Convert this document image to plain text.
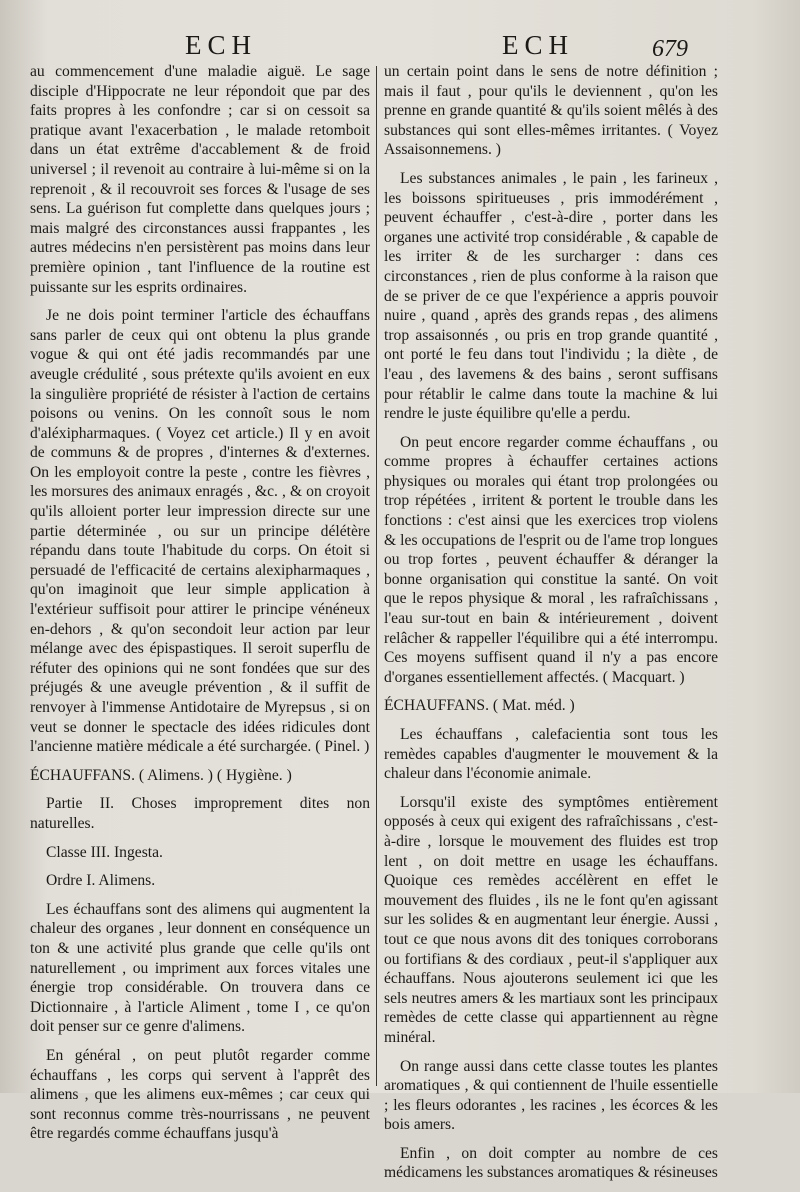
ECH	ECH	679

au commencement d'une maladie aiguë. Le sage disciple d'Hippocrate ne leur répondoit que par des faits propres à les confondre ; car si on cessoit sa pratique avant l'exacerbation , le malade retomboit dans un état extrême d'accablement & de froid universel ; il revenoit au contraire à lui-même si on la reprenoit , & il recouvroit ses forces & l'usage de ses sens. La guérison fut complette dans quelques jours ; mais malgré des circonstances aussi frappantes , les autres médecins n'en persistèrent pas moins dans leur première opinion , tant l'influence de la routine est puissante sur les esprits ordinaires.

Je ne dois point terminer l'article des échauffans sans parler de ceux qui ont obtenu la plus grande vogue & qui ont été jadis recommandés par une aveugle crédulité , sous prétexte qu'ils avoient en eux la singulière propriété de résister à l'action de certains poisons ou venins. On les connoît sous le nom d'aléxipharmaques. ( Voyez cet article.) Il y en avoit de communs & de propres , d'internes & d'externes. On les employoit contre la peste , contre les fièvres , les morsures des animaux enragés , &c. , & on croyoit qu'ils alloient porter leur impression directe sur une partie déterminée , ou sur un principe délétère répandu dans toute l'habitude du corps. On étoit si persuadé de l'efficacité de certains alexipharmaques , qu'on imaginoit que leur simple application à l'extérieur suffisoit pour attirer le principe vénéneux en-dehors , & qu'on secondoit leur action par leur mélange avec des épispastiques. Il seroit superflu de réfuter des opinions qui ne sont fondées que sur des préjugés & une aveugle prévention , & il suffit de renvoyer à l'immense Antidotaire de Myrepsus , si on veut se donner le spectacle des idées ridicules dont l'ancienne matière médicale a été surchargée. ( Pinel. )

ÉCHAUFFANS. ( Alimens. ) ( Hygiène. )

Partie II. Choses improprement dites non naturelles.

Classe III. Ingesta.

Ordre I. Alimens.

Les échauffans sont des alimens qui augmentent la chaleur des organes , leur donnent en conséquence un ton & une activité plus grande que celle qu'ils ont naturellement , ou impriment aux forces vitales une énergie trop considérable. On trouvera dans ce Dictionnaire , à l'article Aliment , tome I , ce qu'on doit penser sur ce genre d'alimens.

En général , on peut plutôt regarder comme échauffans , les corps qui servent à l'apprêt des alimens , que les alimens eux-mêmes ; car ceux qui sont reconnus comme très-nourrissans , ne peuvent être regardés comme échauffans jusqu'à

un certain point dans le sens de notre définition ; mais il faut , pour qu'ils le deviennent , qu'on les prenne en grande quantité & qu'ils soient mêlés à des substances qui sont elles-mêmes irritantes. ( Voyez Assaisonnemens. )

Les substances animales , le pain , les farineux , les boissons spiritueuses , pris immodérément , peuvent échauffer , c'est-à-dire , porter dans les organes une activité trop considérable , & capable de les irriter & de les surcharger : dans ces circonstances , rien de plus conforme à la raison que de se priver de ce que l'expérience a appris pouvoir nuire , quand , après des grands repas , des alimens trop assaisonnés , ou pris en trop grande quantité , ont porté le feu dans tout l'individu ; la diète , de l'eau , des lavemens & des bains , seront suffisans pour rétablir le calme dans toute la machine & lui rendre le juste équilibre qu'elle a perdu.

On peut encore regarder comme échauffans , ou comme propres à échauffer certaines actions physiques ou morales qui étant trop prolongées ou trop répétées , irritent & portent le trouble dans les fonctions : c'est ainsi que les exercices trop violens & les occupations de l'esprit ou de l'ame trop longues ou trop fortes , peuvent échauffer & déranger la bonne organisation qui constitue la santé. On voit que le repos physique & moral , les rafraîchissans , l'eau sur-tout en bain & intérieurement , doivent relâcher & rappeller l'équilibre qui a été interrompu. Ces moyens suffisent quand il n'y a pas encore d'organes essentiellement affectés. ( Macquart. )

ÉCHAUFFANS. ( Mat. méd. )

Les échauffans , calefacientia sont tous les remèdes capables d'augmenter le mouvement & la chaleur dans l'économie animale.

Lorsqu'il existe des symptômes entièrement opposés à ceux qui exigent des rafraîchissans , c'est-à-dire , lorsque le mouvement des fluides est trop lent , on doit mettre en usage les échauffans. Quoique ces remèdes accélèrent en effet le mouvement des fluides , ils ne le font qu'en agissant sur les solides & en augmentant leur énergie. Aussi , tout ce que nous avons dit des toniques corroborans ou fortifians & des cordiaux , peut-il s'appliquer aux échauffans. Nous ajouterons seulement ici que les sels neutres amers & les martiaux sont les principaux remèdes de cette classe qui appartiennent au règne minéral.

On range aussi dans cette classe toutes les plantes aromatiques , & qui contiennent de l'huile essentielle ; les fleurs odorantes , les racines , les écorces & les bois amers.

Enfin , on doit compter au nombre de ces médicamens les substances aromatiques & résineuses
